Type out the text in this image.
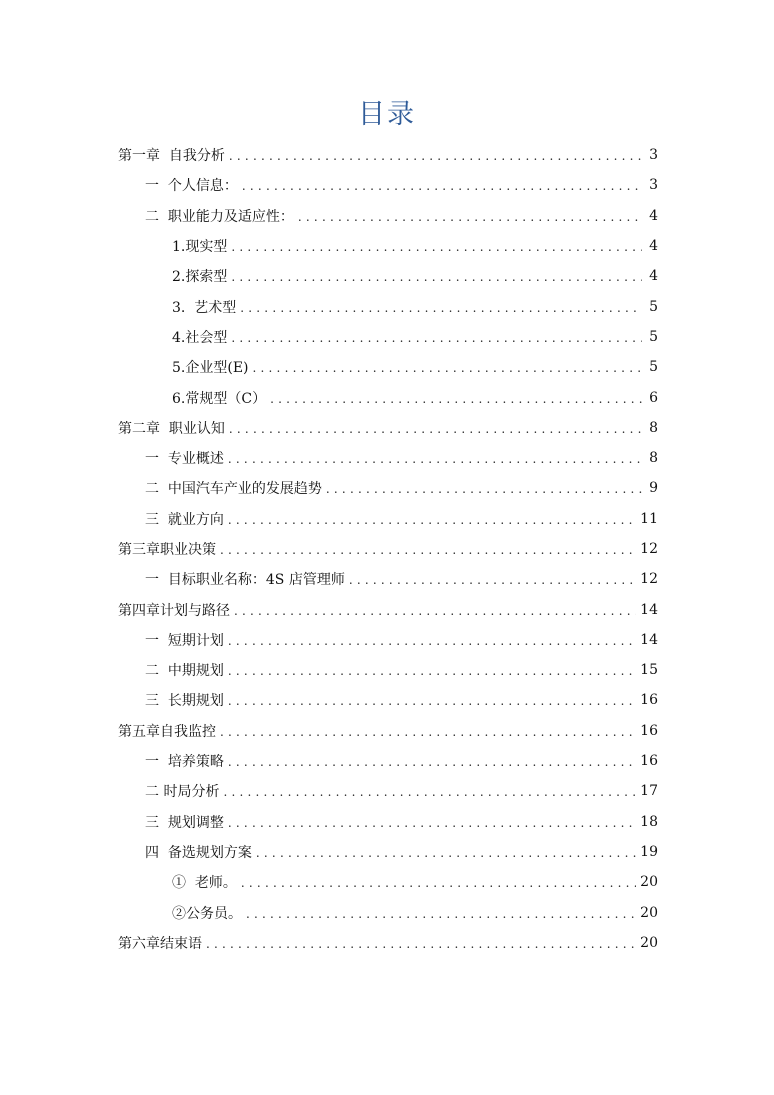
目录
第一章  自我分析 .....	3
一  个人信息： .....	3
二  职业能力及适应性： .....	4
1.现实型 .....	4
2.探索型 .....	4
3.  艺术型 .....	5
4.社会型 .....	5
5.企业型(E) .....	5
6.常规型（C） .....	6
第二章  职业认知 .....	8
一  专业概述 .....	8
二  中国汽车产业的发展趋势 .....	9
三  就业方向 .....	11
第三章职业决策 .....	12
一  目标职业名称：4S 店管理师 .....	12
第四章计划与路径 .....	14
一  短期计划 .....	14
二  中期规划 .....	15
三  长期规划 .....	16
第五章自我监控 .....	16
一  培养策略 .....	16
二 时局分析 .....	17
三  规划调整 .....	18
四  备选规划方案 .....	19
①  老师。 .....	20
②公务员。 .....	20
第六章结束语 .....	20
